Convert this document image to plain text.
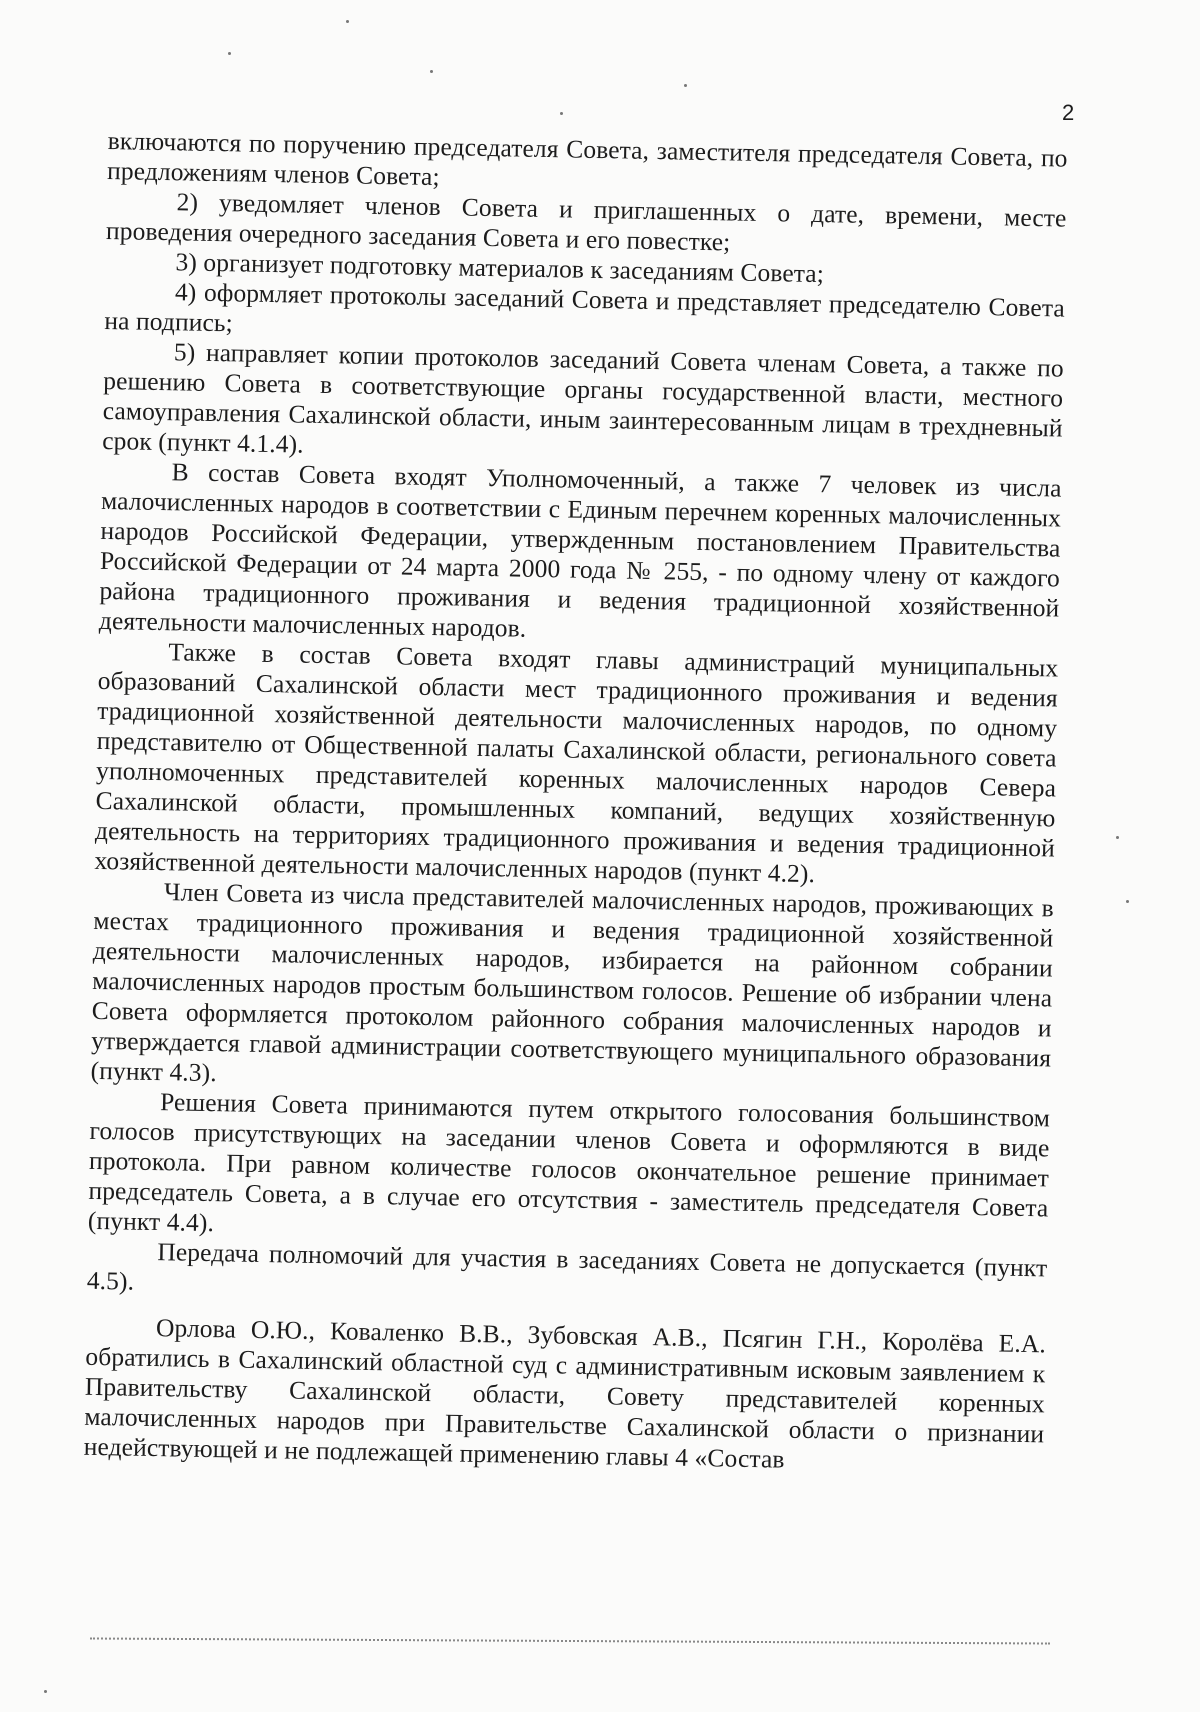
2

включаются по поручению председателя Совета, заместителя председателя Совета, по предложениям членов Совета;

2) уведомляет членов Совета и приглашенных о дате, времени, месте проведения очередного заседания Совета и его повестке;

3) организует подготовку материалов к заседаниям Совета;

4) оформляет протоколы заседаний Совета и представляет председателю Совета на подпись;

5) направляет копии протоколов заседаний Совета членам Совета, а также по решению Совета в соответствующие органы государственной власти, местного самоуправления Сахалинской области, иным заинтересованным лицам в трехдневный срок (пункт 4.1.4).

В состав Совета входят Уполномоченный, а также 7 человек из числа малочисленных народов в соответствии с Единым перечнем коренных малочисленных народов Российской Федерации, утвержденным постановлением Правительства Российской Федерации от 24 марта 2000 года № 255, - по одному члену от каждого района традиционного проживания и ведения традиционной хозяйственной деятельности малочисленных народов.

Также в состав Совета входят главы администраций муниципальных образований Сахалинской области мест традиционного проживания и ведения традиционной хозяйственной деятельности малочисленных народов, по одному представителю от Общественной палаты Сахалинской области, регионального совета уполномоченных представителей коренных малочисленных народов Севера Сахалинской области, промышленных компаний, ведущих хозяйственную деятельность на территориях традиционного проживания и ведения традиционной хозяйственной деятельности малочисленных народов (пункт 4.2).

Член Совета из числа представителей малочисленных народов, проживающих в местах традиционного проживания и ведения традиционной хозяйственной деятельности малочисленных народов, избирается на районном собрании малочисленных народов простым большинством голосов. Решение об избрании члена Совета оформляется протоколом районного собрания малочисленных народов и утверждается главой администрации соответствующего муниципального образования (пункт 4.3).

Решения Совета принимаются путем открытого голосования большинством голосов присутствующих на заседании членов Совета и оформляются в виде протокола. При равном количестве голосов окончательное решение принимает председатель Совета, а в случае его отсутствия - заместитель председателя Совета (пункт 4.4).

Передача полномочий для участия в заседаниях Совета не допускается (пункт 4.5).

Орлова О.Ю., Коваленко В.В., Зубовская А.В., Псягин Г.Н., Королёва Е.А. обратились в Сахалинский областной суд с административным исковым заявлением к Правительству Сахалинской области, Совету представителей коренных малочисленных народов при Правительстве Сахалинской области о признании недействующей и не подлежащей применению главы 4 «Состав
